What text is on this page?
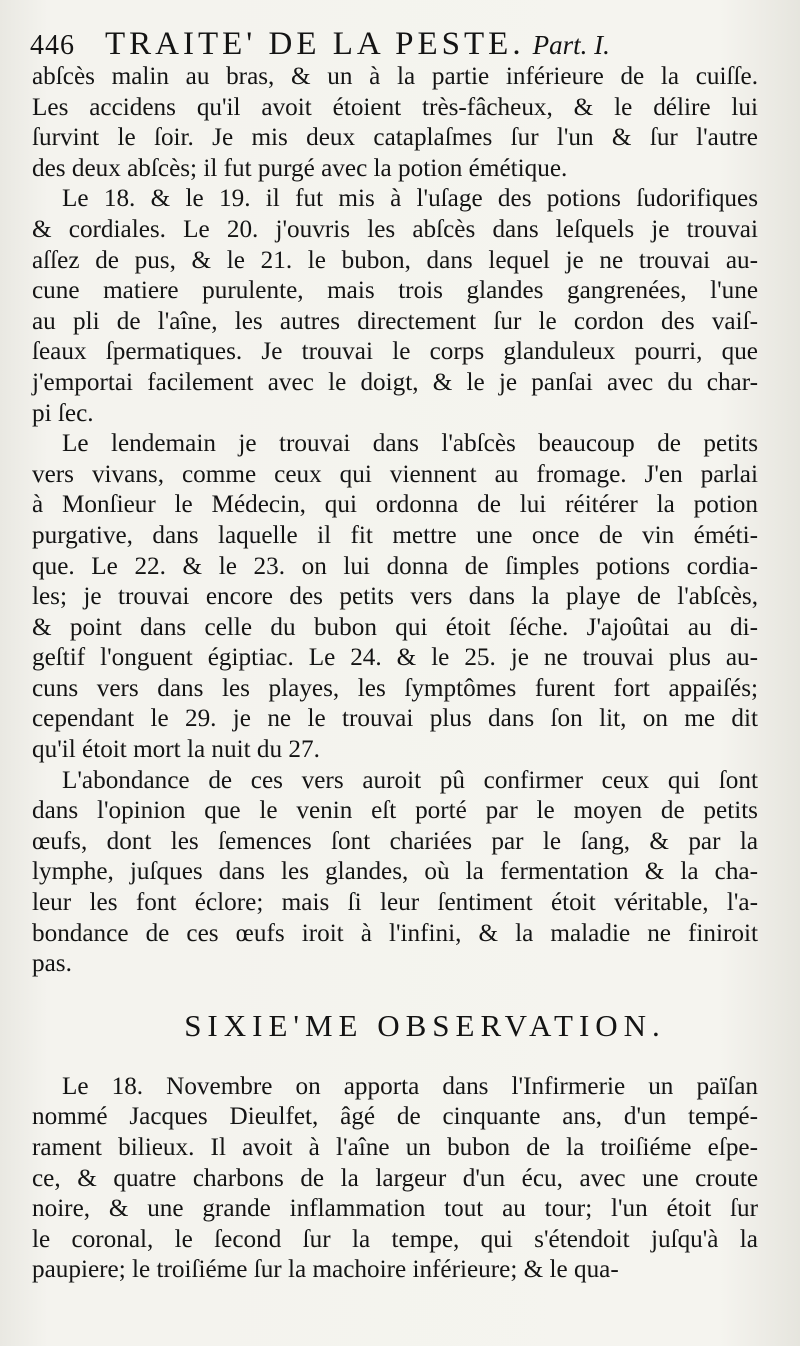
446 TRAITE' DE LA PESTE. Part. I.
abſcès malin au bras, & un à la partie inférieure de la cuiſſe.
Les accidens qu'il avoit étoient très-fâcheux, & le délire lui
ſurvint le ſoir. Je mis deux cataplaſmes ſur l'un & ſur l'autre
des deux abſcès; il fut purgé avec la potion émétique.
Le 18. & le 19. il fut mis à l'uſage des potions ſudorifiques
& cordiales. Le 20. j'ouvris les abſcès dans leſquels je trouvai
aſſez de pus, & le 21. le bubon, dans lequel je ne trouvai au-
cune matiere purulente, mais trois glandes gangrenées, l'une
au pli de l'aîne, les autres directement ſur le cordon des vaiſ-
ſeaux ſpermatiques. Je trouvai le corps glanduleux pourri, que
j'emportai facilement avec le doigt, & le je panſai avec du char-
pi ſec.
Le lendemain je trouvai dans l'abſcès beaucoup de petits
vers vivans, comme ceux qui viennent au fromage. J'en parlai
à Monſieur le Médecin, qui ordonna de lui réitérer la potion
purgative, dans laquelle il fit mettre une once de vin éméti-
que. Le 22. & le 23. on lui donna de ſimples potions cordia-
les; je trouvai encore des petits vers dans la playe de l'abſcès,
& point dans celle du bubon qui étoit ſéche. J'ajoûtai au di-
geſtif l'onguent égiptiac. Le 24. & le 25. je ne trouvai plus au-
cuns vers dans les playes, les ſymptômes furent fort appaiſés;
cependant le 29. je ne le trouvai plus dans ſon lit, on me dit
qu'il étoit mort la nuit du 27.
L'abondance de ces vers auroit pû confirmer ceux qui ſont
dans l'opinion que le venin eſt porté par le moyen de petits
œufs, dont les ſemences ſont chariées par le ſang, & par la
lymphe, juſques dans les glandes, où la fermentation & la cha-
leur les font éclore; mais ſi leur ſentiment étoit véritable, l'a-
bondance de ces œufs iroit à l'infini, & la maladie ne finiroit
pas.
SIXIE'ME OBSERVATION.
Le 18. Novembre on apporta dans l'Infirmerie un païſan
nommé Jacques Dieulfet, âgé de cinquante ans, d'un tempé-
rament bilieux. Il avoit à l'aîne un bubon de la troiſiéme eſpe-
ce, & quatre charbons de la largeur d'un écu, avec une croute
noire, & une grande inflammation tout au tour; l'un étoit ſur
le coronal, le ſecond ſur la tempe, qui s'étendoit juſqu'à la
paupiere; le troiſiéme ſur la machoire inférieure; & le qua-
